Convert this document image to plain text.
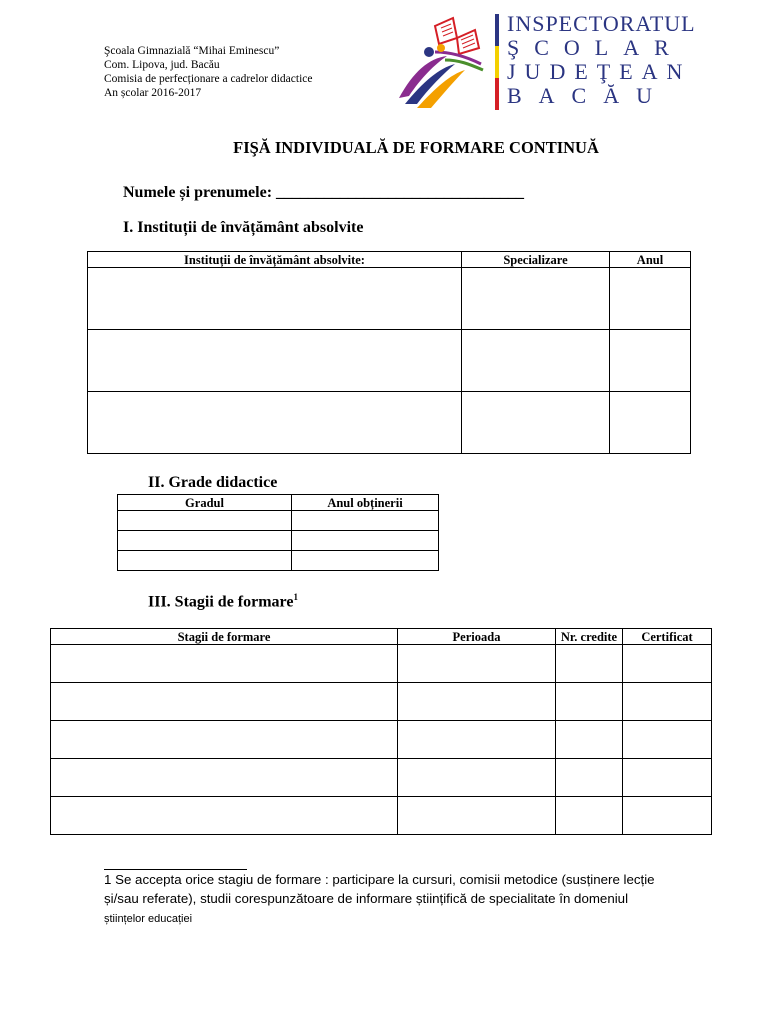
Şcoala Gimnazială “Mihai Eminescu”
Com. Lipova, jud. Bacău
Comisia de perfecționare a cadrelor didactice
An școlar 2016-2017
INSPECTORATUL
ŞCOLAR
JUDEŢEAN
BACĂU
FIŞĂ INDIVIDUALĂ DE FORMARE CONTINUĂ
Numele și prenumele: _______________________________
I. Instituții de învățământ absolvite
Instituții de învățământ absolvite:	Specializare	Anul

II. Grade didactice
Gradul	Anul obținerii

III. Stagii de formare$^1$
Stagii de formare	Perioada	Nr. credite	Certificat

1 Se accepta orice stagiu de formare : participare la cursuri, comisii metodice (susținere lecție și/sau referate), studii corespunzătoare de informare științifică de specialitate în domeniul științelor educației
